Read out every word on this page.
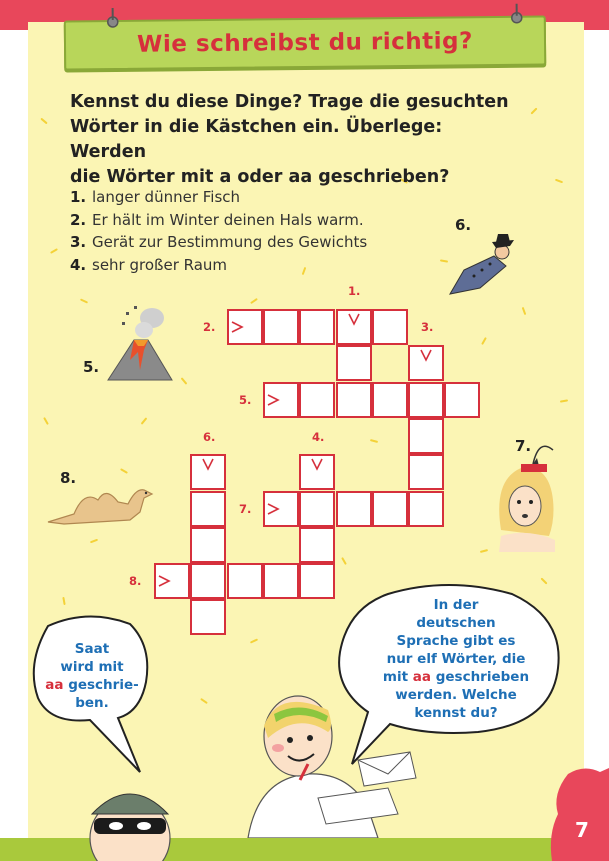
Wie schreibst du richtig?
Kennst du diese Dinge? Trage die gesuchten
Wörter in die Kästchen ein. Überlege: Werden
die Wörter mit a oder aa geschrieben?
1. langer dünner Fisch
2. Er hält im Winter deinen Hals warm.
3. Gerät zur Bestimmung des Gewichts
4. sehr großer Raum
1.
2.	3.
4.
5.
6.
7.
8.
5.
6.
7.
8.
Saat
wird mit
aa geschrie-
ben.
In der
deutschen
Sprache gibt es
nur elf Wörter, die
mit aa geschrieben
werden. Welche
kennst du?
7
